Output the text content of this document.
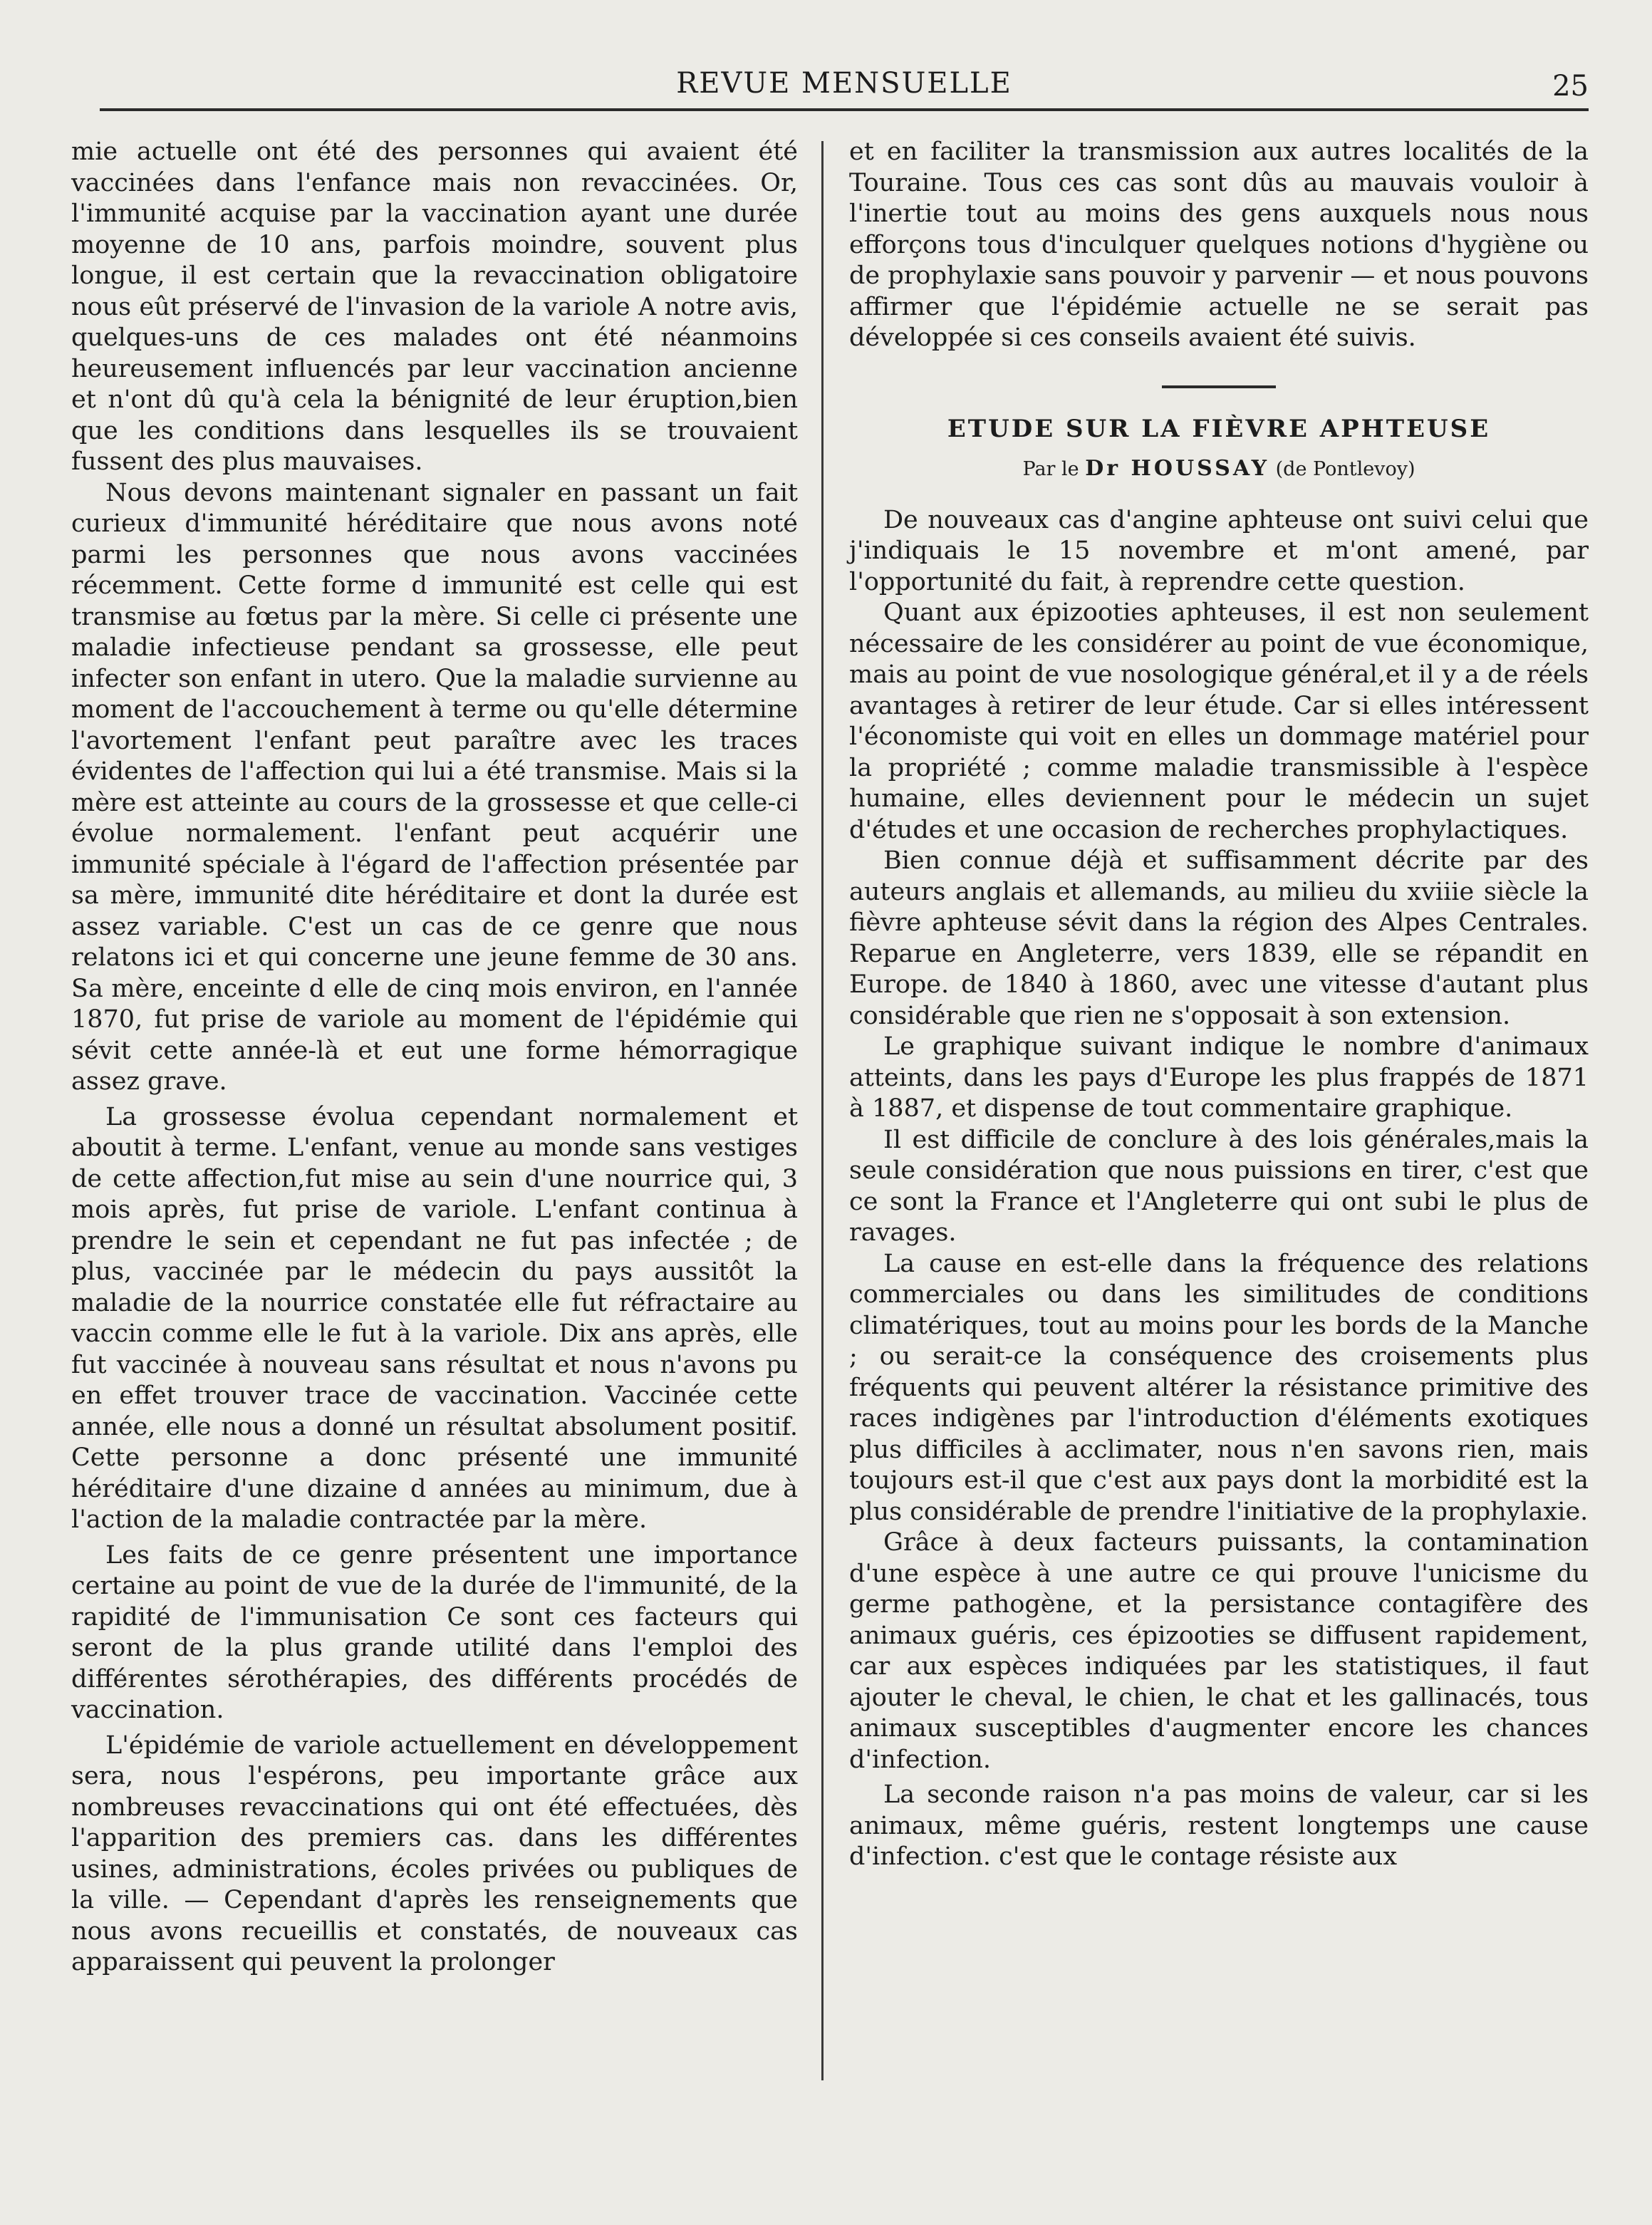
REVUE MENSUELLE	25

mie actuelle ont été des personnes qui avaient été vaccinées dans l'enfance mais non revaccinées. Or, l'immunité acquise par la vaccination ayant une durée moyenne de 10 ans, parfois moindre, souvent plus longue, il est certain que la revaccination obligatoire nous eût préservé de l'invasion de la variole A notre avis, quelques-uns de ces malades ont été néanmoins heureusement influencés par leur vaccination ancienne et n'ont dû qu'à cela la bénignité de leur éruption,bien que les conditions dans lesquelles ils se trouvaient fussent des plus mauvaises.

Nous devons maintenant signaler en passant un fait curieux d'immunité héréditaire que nous avons noté parmi les personnes que nous avons vaccinées récemment. Cette forme d immunité est celle qui est transmise au fœtus par la mère. Si celle ci présente une maladie infectieuse pendant sa grossesse, elle peut infecter son enfant in utero. Que la maladie survienne au moment de l'accouchement à terme ou qu'elle détermine l'avortement l'enfant peut paraître avec les traces évidentes de l'affection qui lui a été transmise. Mais si la mère est atteinte au cours de la grossesse et que celle-ci évolue normalement. l'enfant peut acquérir une immunité spéciale à l'égard de l'affection présentée par sa mère, immunité dite héréditaire et dont la durée est assez variable. C'est un cas de ce genre que nous relatons ici et qui concerne une jeune femme de 30 ans. Sa mère, enceinte d elle de cinq mois environ, en l'année 1870, fut prise de variole au moment de l'épidémie qui sévit cette année-là et eut une forme hémorragique assez grave.

La grossesse évolua cependant normalement et aboutit à terme. L'enfant, venue au monde sans vestiges de cette affection,fut mise au sein d'une nourrice qui, 3 mois après, fut prise de variole. L'enfant continua à prendre le sein et cependant ne fut pas infectée ; de plus, vaccinée par le médecin du pays aussitôt la maladie de la nourrice constatée elle fut réfractaire au vaccin comme elle le fut à la variole. Dix ans après, elle fut vaccinée à nouveau sans résultat et nous n'avons pu en effet trouver trace de vaccination. Vaccinée cette année, elle nous a donné un résultat absolument positif. Cette personne a donc présenté une immunité héréditaire d'une dizaine d années au minimum, due à l'action de la maladie contractée par la mère.

Les faits de ce genre présentent une importance certaine au point de vue de la durée de l'immunité, de la rapidité de l'immunisation Ce sont ces facteurs qui seront de la plus grande utilité dans l'emploi des différentes sérothérapies, des différents procédés de vaccination.

L'épidémie de variole actuellement en développement sera, nous l'espérons, peu importante grâce aux nombreuses revaccinations qui ont été effectuées, dès l'apparition des premiers cas. dans les différentes usines, administrations, écoles privées ou publiques de la ville. — Cependant d'après les renseignements que nous avons recueillis et constatés, de nouveaux cas apparaissent qui peuvent la prolonger

et en faciliter la transmission aux autres localités de la Touraine. Tous ces cas sont dûs au mauvais vouloir à l'inertie tout au moins des gens auxquels nous nous efforçons tous d'inculquer quelques notions d'hygiène ou de prophylaxie sans pouvoir y parvenir — et nous pouvons affirmer que l'épidémie actuelle ne se serait pas développée si ces conseils avaient été suivis.

ETUDE SUR LA FIÈVRE APHTEUSE
Par le Dr HOUSSAY (de Pontlevoy)

De nouveaux cas d'angine aphteuse ont suivi celui que j'indiquais le 15 novembre et m'ont amené, par l'opportunité du fait, à reprendre cette question.

Quant aux épizooties aphteuses, il est non seulement nécessaire de les considérer au point de vue économique, mais au point de vue nosologique général,et il y a de réels avantages à retirer de leur étude. Car si elles intéressent l'économiste qui voit en elles un dommage matériel pour la propriété ; comme maladie transmissible à l'espèce humaine, elles deviennent pour le médecin un sujet d'études et une occasion de recherches prophylactiques.

Bien connue déjà et suffisamment décrite par des auteurs anglais et allemands, au milieu du xviiie siècle la fièvre aphteuse sévit dans la région des Alpes Centrales. Reparue en Angleterre, vers 1839, elle se répandit en Europe. de 1840 à 1860, avec une vitesse d'autant plus considérable que rien ne s'opposait à son extension.

Le graphique suivant indique le nombre d'animaux atteints, dans les pays d'Europe les plus frappés de 1871 à 1887, et dispense de tout commentaire graphique.

Il est difficile de conclure à des lois générales,mais la seule considération que nous puissions en tirer, c'est que ce sont la France et l'Angleterre qui ont subi le plus de ravages.

La cause en est-elle dans la fréquence des relations commerciales ou dans les similitudes de conditions climatériques, tout au moins pour les bords de la Manche ; ou serait-ce la conséquence des croisements plus fréquents qui peuvent altérer la résistance primitive des races indigènes par l'introduction d'éléments exotiques plus difficiles à acclimater, nous n'en savons rien, mais toujours est-il que c'est aux pays dont la morbidité est la plus considérable de prendre l'initiative de la prophylaxie.

Grâce à deux facteurs puissants, la contamination d'une espèce à une autre ce qui prouve l'unicisme du germe pathogène, et la persistance contagifère des animaux guéris, ces épizooties se diffusent rapidement, car aux espèces indiquées par les statistiques, il faut ajouter le cheval, le chien, le chat et les gallinacés, tous animaux susceptibles d'augmenter encore les chances d'infection.

La seconde raison n'a pas moins de valeur, car si les animaux, même guéris, restent longtemps une cause d'infection. c'est que le contage résiste aux
